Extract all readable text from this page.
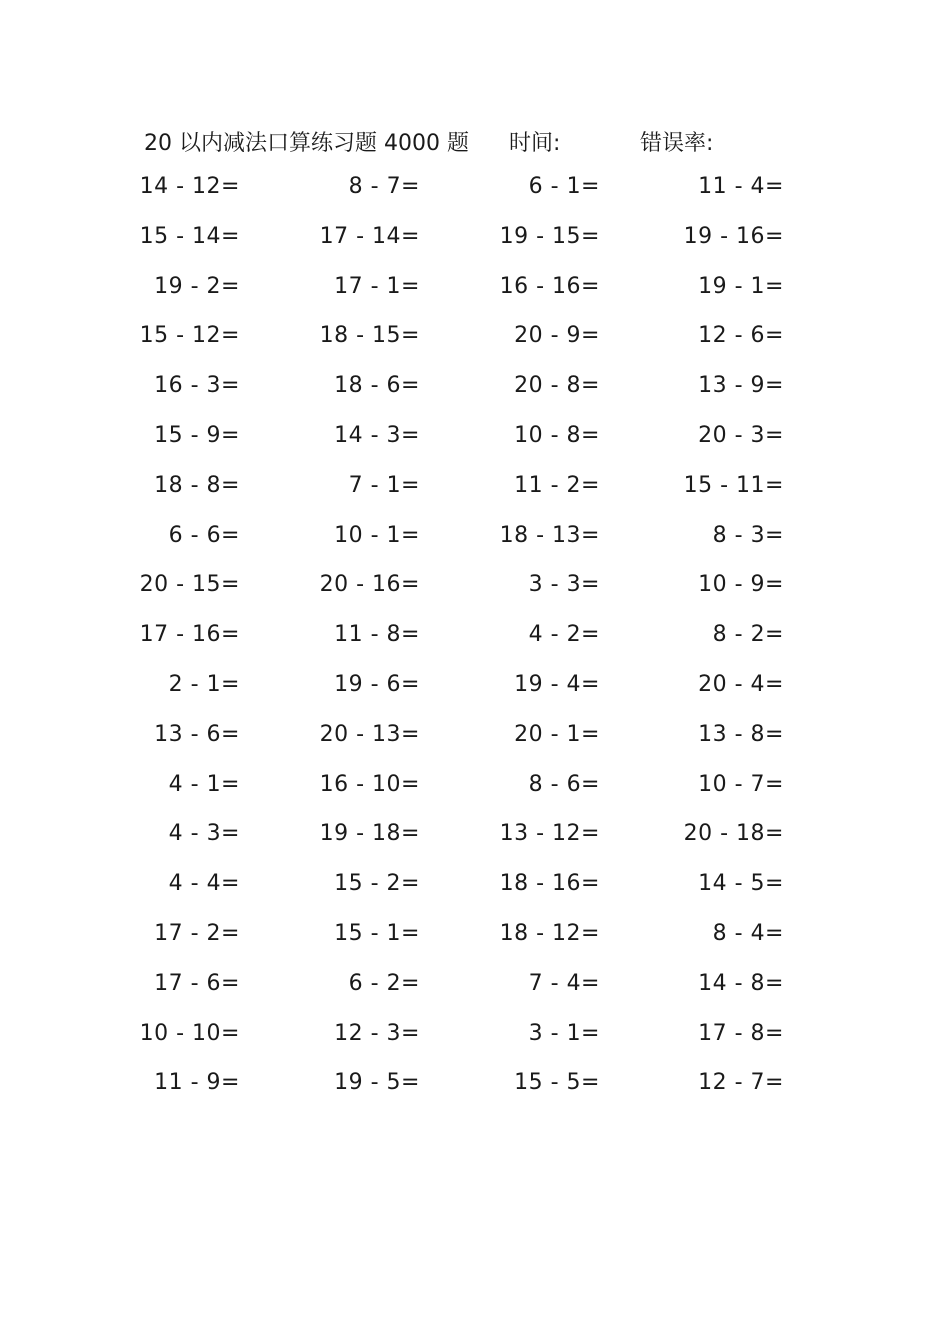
20 以内减法口算练习题 4000 题 时间:	错误率:
14 - 12=	8 - 7=	6 - 1=	11 - 4=
15 - 14=	17 - 14=	19 - 15=	19 - 16=
19 - 2=	17 - 1=	16 - 16=	19 - 1=
15 - 12=	18 - 15=	20 - 9=	12 - 6=
16 - 3=	18 - 6=	20 - 8=	13 - 9=
15 - 9=	14 - 3=	10 - 8=	20 - 3=
18 - 8=	7 - 1=	11 - 2=	15 - 11=
6 - 6=	10 - 1=	18 - 13=	8 - 3=
20 - 15=	20 - 16=	3 - 3=	10 - 9=
17 - 16=	11 - 8=	4 - 2=	8 - 2=
2 - 1=	19 - 6=	19 - 4=	20 - 4=
13 - 6=	20 - 13=	20 - 1=	13 - 8=
4 - 1=	16 - 10=	8 - 6=	10 - 7=
4 - 3=	19 - 18=	13 - 12=	20 - 18=
4 - 4=	15 - 2=	18 - 16=	14 - 5=
17 - 2=	15 - 1=	18 - 12=	8 - 4=
17 - 6=	6 - 2=	7 - 4=	14 - 8=
10 - 10=	12 - 3=	3 - 1=	17 - 8=
11 - 9=	19 - 5=	15 - 5=	12 - 7=
